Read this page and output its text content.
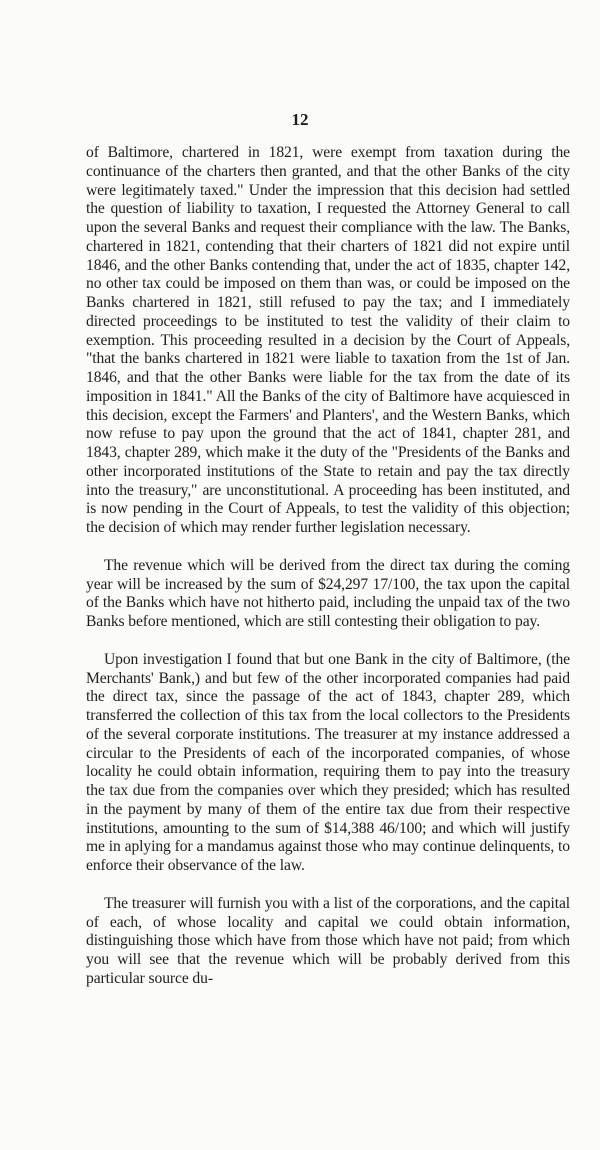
12

of Baltimore, chartered in 1821, were exempt from taxation during the continuance of the charters then granted, and that the other Banks of the city were legitimately taxed." Under the impression that this decision had settled the question of liability to taxation, I requested the Attorney General to call upon the several Banks and request their compliance with the law. The Banks, chartered in 1821, contending that their charters of 1821 did not expire until 1846, and the other Banks contending that, under the act of 1835, chapter 142, no other tax could be imposed on them than was, or could be imposed on the Banks chartered in 1821, still refused to pay the tax; and I immediately directed proceedings to be instituted to test the validity of their claim to exemption. This proceeding resulted in a decision by the Court of Appeals, "that the banks chartered in 1821 were liable to taxation from the 1st of Jan. 1846, and that the other Banks were liable for the tax from the date of its imposition in 1841." All the Banks of the city of Baltimore have acquiesced in this decision, except the Farmers' and Planters', and the Western Banks, which now refuse to pay upon the ground that the act of 1841, chapter 281, and 1843, chapter 289, which make it the duty of the "Presidents of the Banks and other incorporated institutions of the State to retain and pay the tax directly into the treasury," are unconstitutional. A proceeding has been instituted, and is now pending in the Court of Appeals, to test the validity of this objection; the decision of which may render further legislation necessary.

The revenue which will be derived from the direct tax during the coming year will be increased by the sum of $24,297 17/100, the tax upon the capital of the Banks which have not hitherto paid, including the unpaid tax of the two Banks before mentioned, which are still contesting their obligation to pay.

Upon investigation I found that but one Bank in the city of Baltimore, (the Merchants' Bank,) and but few of the other incorporated companies had paid the direct tax, since the passage of the act of 1843, chapter 289, which transferred the collection of this tax from the local collectors to the Presidents of the several corporate institutions. The treasurer at my instance addressed a circular to the Presidents of each of the incorporated companies, of whose locality he could obtain information, requiring them to pay into the treasury the tax due from the companies over which they presided; which has resulted in the payment by many of them of the entire tax due from their respective institutions, amounting to the sum of $14,388 46/100; and which will justify me in aplying for a mandamus against those who may continue delinquents, to enforce their observance of the law.

The treasurer will furnish you with a list of the corporations, and the capital of each, of whose locality and capital we could obtain information, distinguishing those which have from those which have not paid; from which you will see that the revenue which will be probably derived from this particular source du-
